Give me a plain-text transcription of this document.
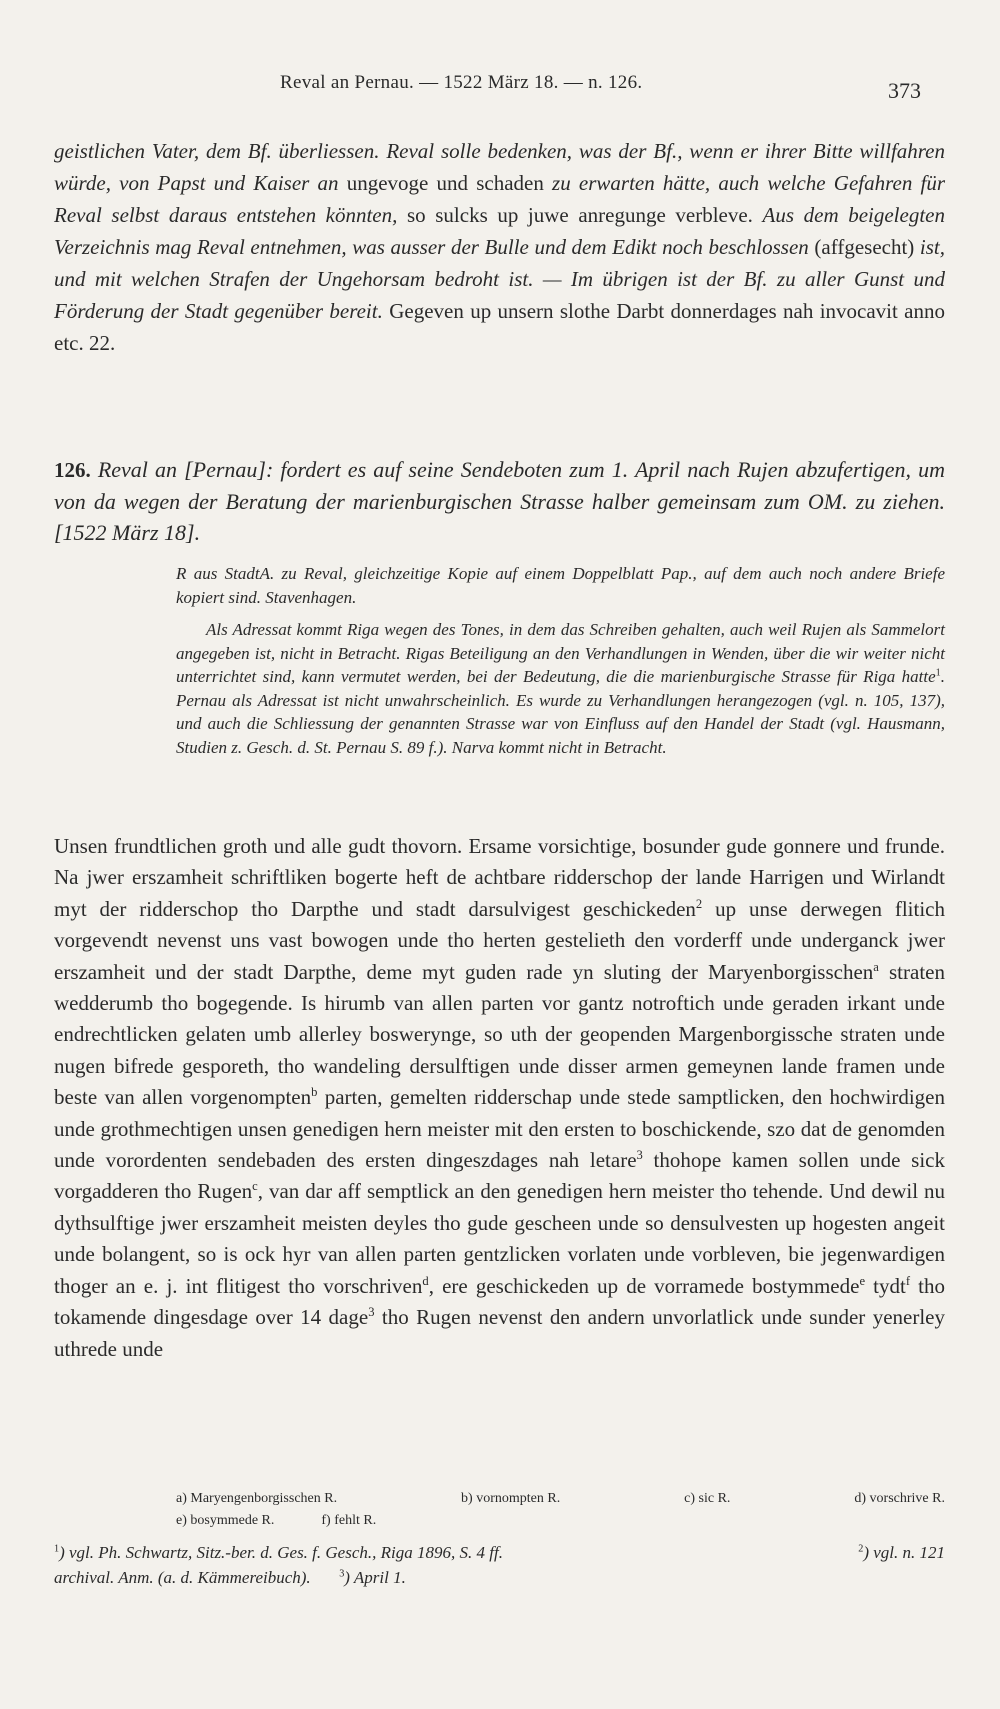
Reval an Pernau. — 1522 März 18. — n. 126.	373
geistlichen Vater, dem Bf. überliessen. Reval solle bedenken, was der Bf., wenn er ihrer Bitte willfahren würde, von Papst und Kaiser an ungevoge und schaden zu erwarten hätte, auch welche Gefahren für Reval selbst daraus entstehen könnten, so sulcks up juwe anregunge verbleve. Aus dem beigelegten Verzeichnis mag Reval entnehmen, was ausser der Bulle und dem Edikt noch beschlossen (affgesecht) ist, und mit welchen Strafen der Ungehorsam bedroht ist. — Im übrigen ist der Bf. zu aller Gunst und Förderung der Stadt gegenüber bereit. Gegeven up unsern slothe Darbt donnerdages nah invocavit anno etc. 22.
126. Reval an [Pernau]: fordert es auf seine Sendeboten zum 1. April nach Rujen abzufertigen, um von da wegen der Beratung der marienburgischen Strasse halber gemeinsam zum OM. zu ziehen. [1522 März 18].
R aus StadtA. zu Reval, gleichzeitige Kopie auf einem Doppelblatt Pap., auf dem auch noch andere Briefe kopiert sind. Stavenhagen.
Als Adressat kommt Riga wegen des Tones, in dem das Schreiben gehalten, auch weil Rujen als Sammelort angegeben ist, nicht in Betracht. Rigas Beteiligung an den Verhandlungen in Wenden, über die wir weiter nicht unterrichtet sind, kann vermutet werden, bei der Bedeutung, die die marienburgische Strasse für Riga hatte$^1$. Pernau als Adressat ist nicht unwahrscheinlich. Es wurde zu Verhandlungen herangezogen (vgl. n. 105, 137), und auch die Schliessung der genannten Strasse war von Einfluss auf den Handel der Stadt (vgl. Hausmann, Studien z. Gesch. d. St. Pernau S. 89 f.). Narva kommt nicht in Betracht.
Unsen frundtlichen groth und alle gudt thovorn. Ersame vorsichtige, bosunder gude gonnere und frunde. Na jwer erszamheit schriftliken bogerte heft de achtbare ridderschop der lande Harrigen und Wirlandt myt der ridderschop tho Darpthe und stadt darsulvigest geschickeden$^2$ up unse derwegen flitich vorgevendt nevenst uns vast bowogen unde tho herten gestelieth den vorderff unde underganck jwer erszamheit und der stadt Darpthe, deme myt guden rade yn sluting der Maryenborgisschen$^a$ straten wedderumb tho bogegende. Is hirumb van allen parten vor gantz notroftich unde geraden irkant unde endrechtlicken gelaten umb allerley boswerynge, so uth der geopenden Margenborgissche straten unde nugen bifrede gesporeth, tho wandeling dersulftigen unde disser armen gemeynen lande framen unde beste van allen vorgenompten$^b$ parten, gemelten ridderschap unde stede samptlicken, den hochwirdigen unde grothmechtigen unsen genedigen hern meister mit den ersten to boschickende, szo dat de genomden unde vorordenten sendebaden des ersten dingeszdages nah letare$^3$ thohope kamen sollen unde sick vorgadderen tho Rugen$^c$, van dar aff semptlick an den genedigen hern meister tho tehende. Und dewil nu dythsulftige jwer erszamheit meisten deyles tho gude gescheen unde so densulvesten up hogesten angeit unde bolangent, so is ock hyr van allen parten gentzlicken vorlaten unde vorbleven, bie jegenwardigen thoger an e. j. int flitigest tho vorschriven$^d$, ere geschickeden up de vorramede bostymmede$^e$ tydt$^f$ tho tokamende dingesdage over 14 dage$^3$ tho Rugen nevenst den andern unvorlatlick unde sunder yenerley uthrede unde
a) Maryengenborgisschen R.	b) vornompten R.	c) sic R.	d) vorschrive R.
e) bosymmede R.	f) fehlt R.
$^1$) vgl. Ph. Schwartz, Sitz.-ber. d. Ges. f. Gesch., Riga 1896, S. 4 ff.	$^2$) vgl. n. 121
archival. Anm. (a. d. Kämmereibuch).	$^3$) April 1.
